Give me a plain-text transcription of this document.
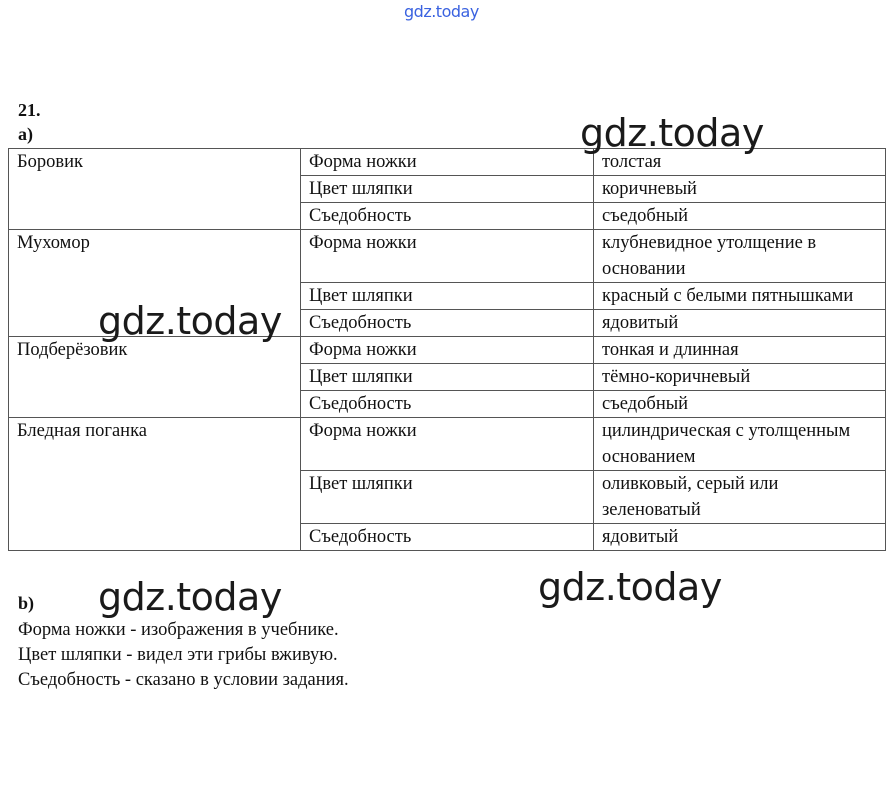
gdz.today
21.
а)
Боровик	Форма ножки	толстая
	Цвет шляпки	коричневый
	Съедобность	съедобный
Мухомор	Форма ножки	клубневидное утолщение в основании
	Цвет шляпки	красный с белыми пятнышками
	Съедобность	ядовитый
Подберёзовик	Форма ножки	тонкая и длинная
	Цвет шляпки	тёмно-коричневый
	Съедобность	съедобный
Бледная поганка	Форма ножки	цилиндрическая с утолщенным основанием
	Цвет шляпки	оливковый, серый или зеленоватый
	Съедобность	ядовитый
b)
Форма ножки - изображения в учебнике.
Цвет шляпки - видел эти грибы вживую.
Съедобность - сказано в условии задания.
gdz.today
gdz.today
gdz.today	gdz.today
